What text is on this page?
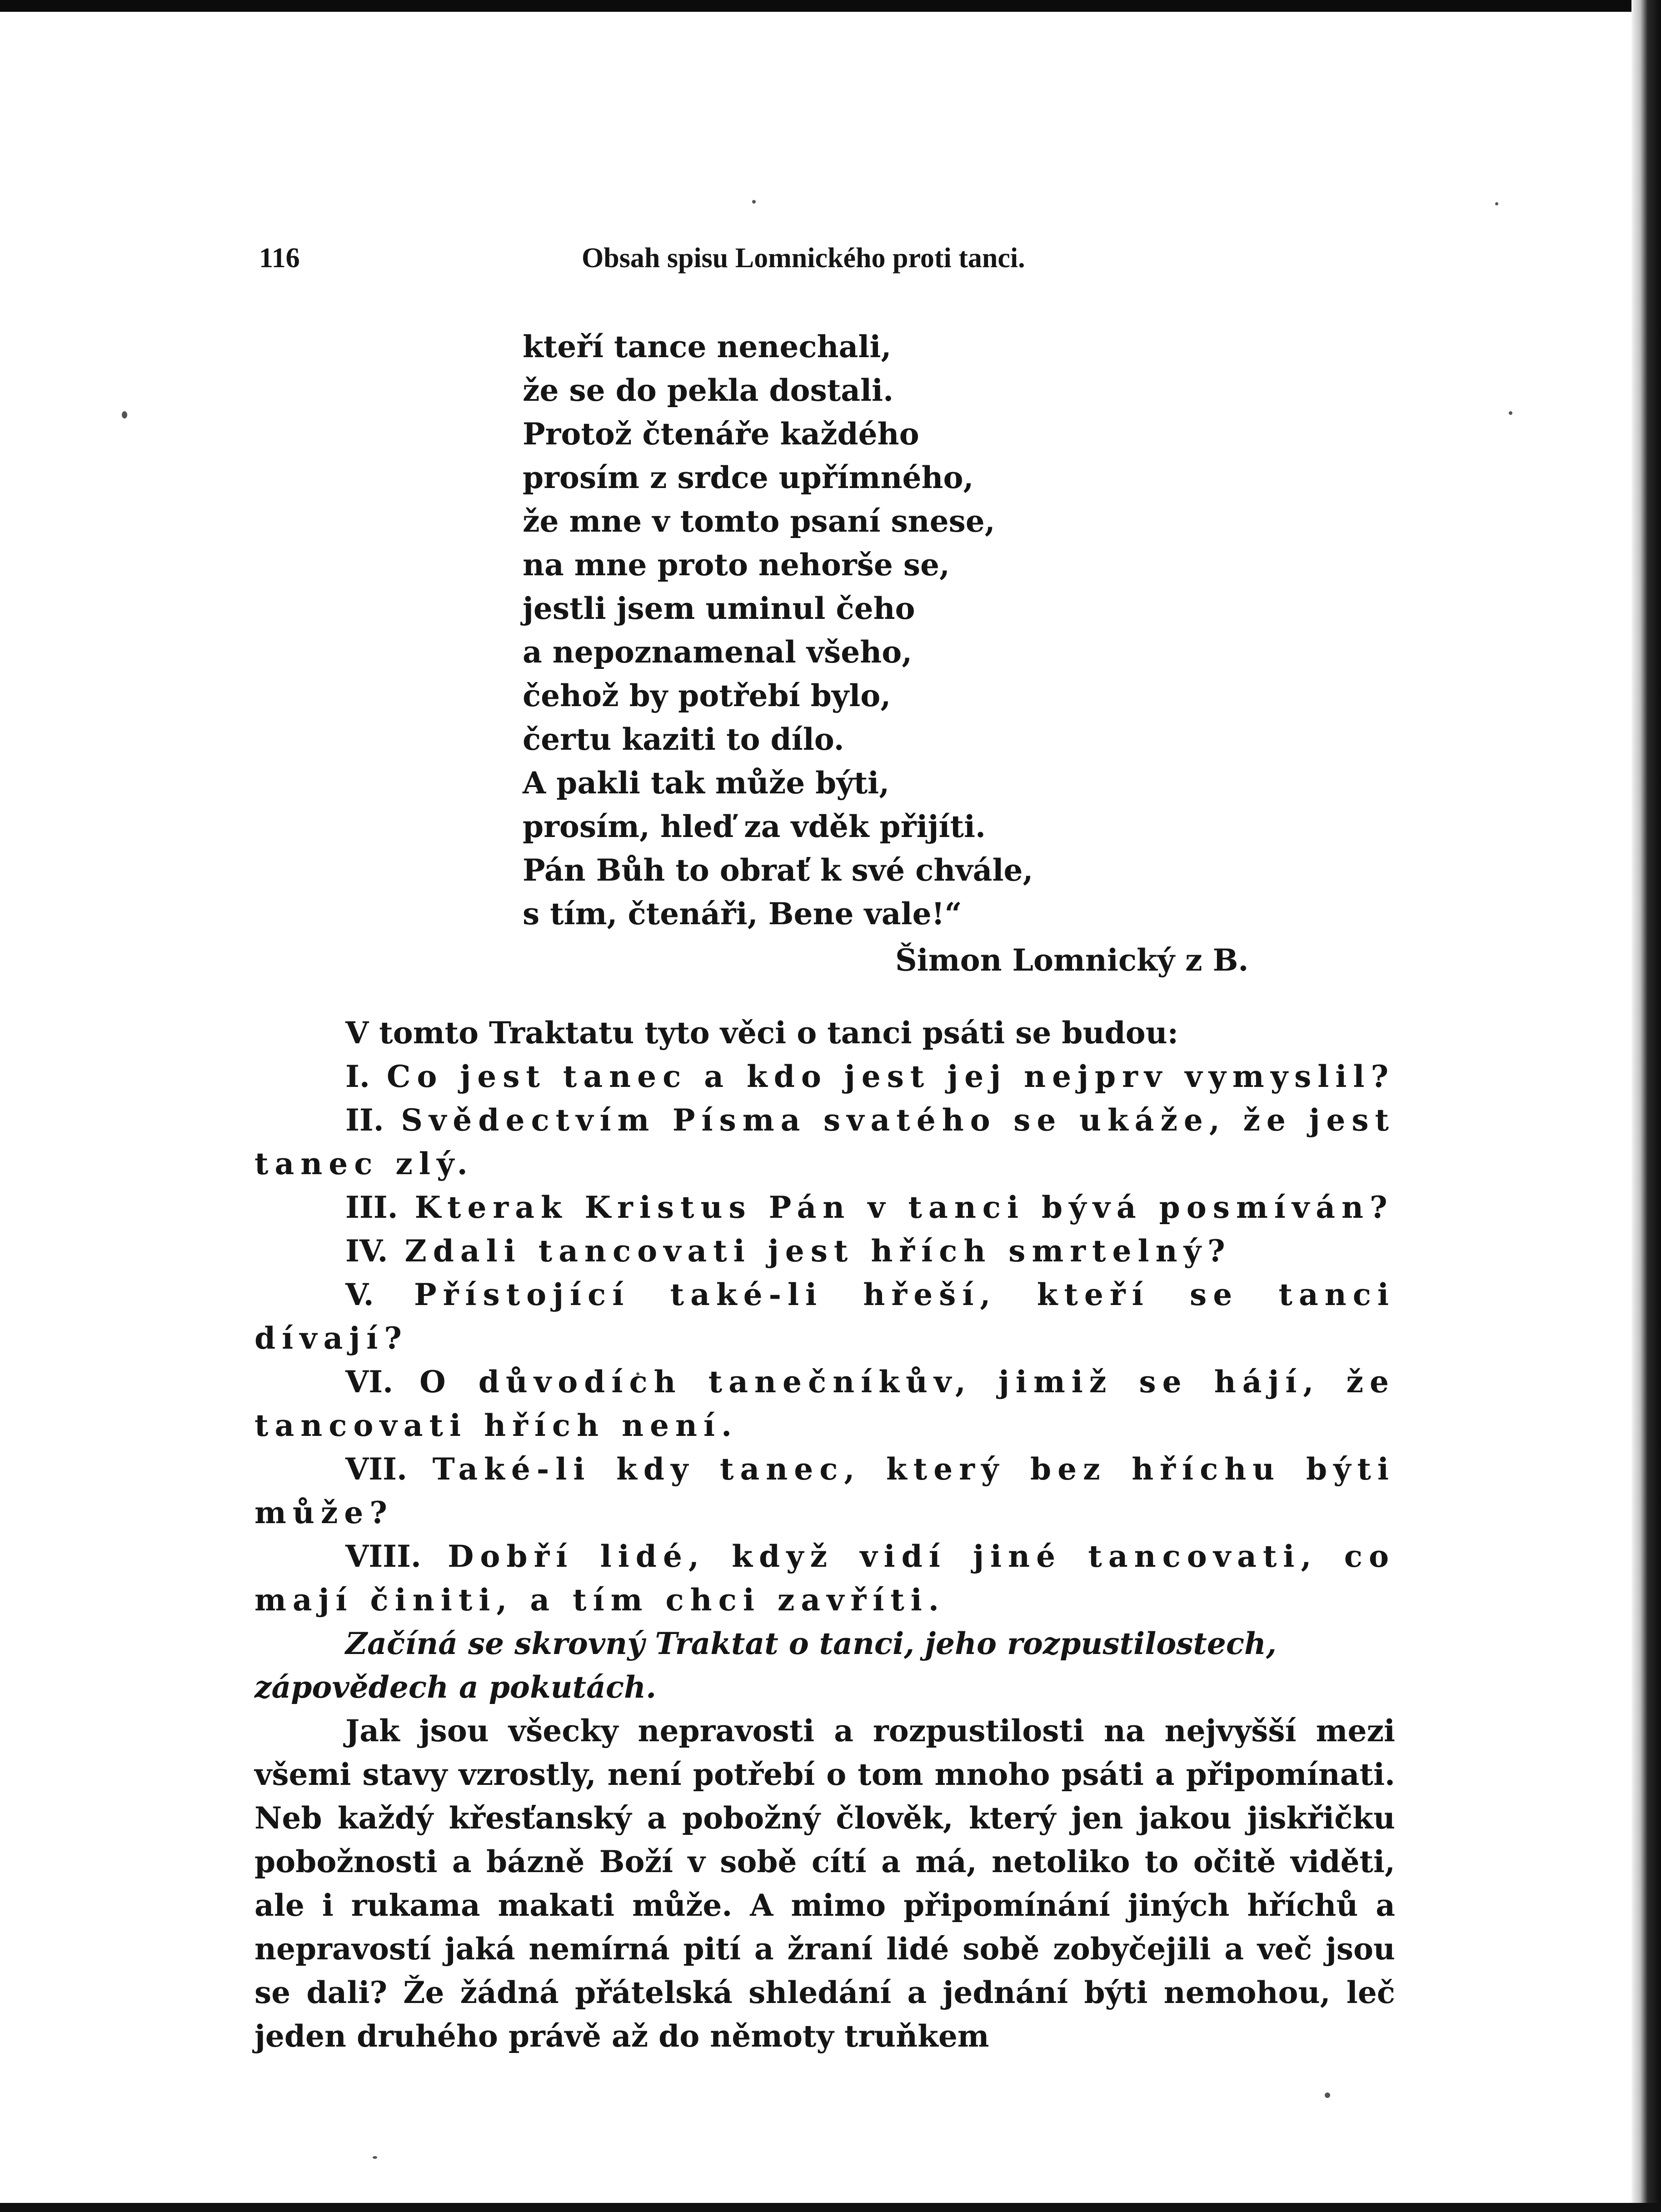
116	Obsah spisu Lomnického proti tanci.
kteří tance nenechali,
že se do pekla dostali.
Protož čtenáře každého
prosím z srdce upřímného,
že mne v tomto psaní snese,
na mne proto nehorše se,
jestli jsem uminul čeho
a nepoznamenal všeho,
čehož by potřebí bylo,
čertu kaziti to dílo.
A pakli tak může býti,
prosím, hleď za vděk přijíti.
Pán Bůh to obrať k své chvále,
s tím, čtenáři, Bene vale!“
Šimon Lomnický z B.
V tomto Traktatu tyto věci o tanci psáti se budou:
I. Co jest tanec a kdo jest jej nejprv vymyslil?
II. Svědectvím Písma svatého se ukáže, že jest tanec zlý.
III. Kterak Kristus Pán v tanci bývá posmíván?
IV. Zdali tancovati jest hřích smrtelný?
V. Přístojící také-li hřeší, kteří se tanci dívají?
VI. O důvodích tanečníkův, jimiž se hájí, že tancovati hřích není.
VII. Také-li kdy tanec, který bez hříchu býti může?
VIII. Dobří lidé, když vidí jiné tancovati, co mají činiti, a tím chci zavříti.
Začíná se skrovný Traktat o tanci, jeho rozpustilostech, zápovědech a pokutách.
Jak jsou všecky nepravosti a rozpustilosti na nejvyšší mezi všemi stavy vzrostly, není potřebí o tom mnoho psáti a připomínati. Neb každý křesťanský a pobožný člověk, který jen jakou jiskřičku pobožnosti a bázně Boží v sobě cítí a má, netoliko to očitě viděti, ale i rukama makati může. A mimo připomínání jiných hříchů a nepravostí jaká nemírná pití a žraní lidé sobě zobyčejili a več jsou se dali? Že žádná přátelská shledání a jednání býti nemohou, leč jeden druhého právě až do němoty truňkem
